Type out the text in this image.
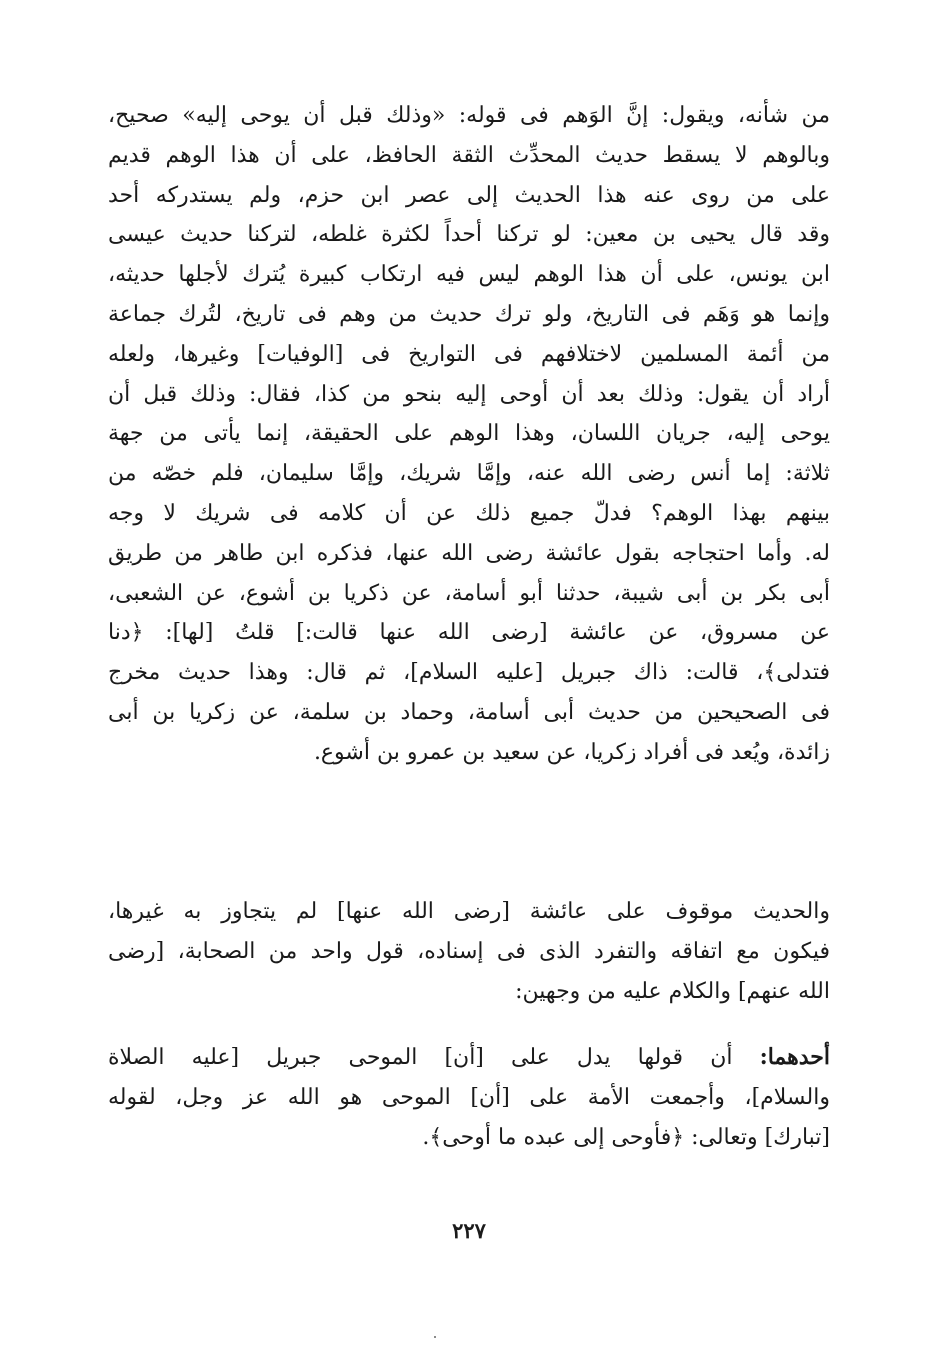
من شأنه، ويقول: إنَّ الوَهم فى قوله: «وذلك قبل أن يوحى إليه» صحيح،
وبالوهم لا يسقط حديث المحدِّث الثقة الحافظ، على أن هذا الوهم قديم
على من روى عنه هذا الحديث إلى عصر ابن حزم، ولم يستدركه أحد
وقد قال يحيى بن معين: لو تركنا أحداً لكثرة غلطه، لتركنا حديث عيسى
ابن يونس، على أن هذا الوهم ليس فيه ارتكاب كبيرة يُترك لأجلها حديثه،
وإنما هو وَهَم فى التاريخ، ولو ترك حديث من وهم فى تاريخ، لتُرك جماعة
من أئمة المسلمين لاختلافهم فى التواريخ فى [الوفيات] وغيرها، ولعله
أراد أن يقول: وذلك بعد أن أوحى إليه بنحو من كذا، فقال: وذلك قبل أن
يوحى إليه، جريان اللسان، وهذا الوهم على الحقيقة، إنما يأتى من جهة
ثلاثة: إما أنس رضى الله عنه، وإمَّا شريك، وإمَّا سليمان، فلم خصّه من
بينهم بهذا الوهم؟ فدلّ جميع ذلك عن أن كلامه فى شريك لا وجه
له. وأما احتجاجه بقول عائشة رضى الله عنها، فذكره ابن طاهر من طريق
أبى بكر بن أبى شيبة، حدثنا أبو أسامة، عن ذكريا بن أشوع، عن الشعبى،
عن مسروق، عن عائشة [رضى الله عنها قالت:] قلتُ [لها]: ﴿دنا
فتدلى﴾، قالت: ذاك جبريل [عليه السلام]، ثم قال: وهذا حديث مخرج
فى الصحيحين من حديث أبى أسامة، وحماد بن سلمة، عن زكريا بن أبى
زائدة، ويُعد فى أفراد زكريا، عن سعيد بن عمرو بن أشوع.
والحديث موقوف على عائشة [رضى الله عنها] لم يتجاوز به غيرها،
فيكون مع اتفاقه والتفرد الذى فى إسناده، قول واحد من الصحابة، [رضى
الله عنهم] والكلام عليه من وجهين:
أحدهما: أن قولها يدل على [أن] الموحى جبريل [عليه الصلاة
والسلام]، وأجمعت الأمة على [أن] الموحى هو الله عز وجل، لقوله
[تبارك] وتعالى: ﴿فأوحى إلى عبده ما أوحى﴾.
٢٢٧
